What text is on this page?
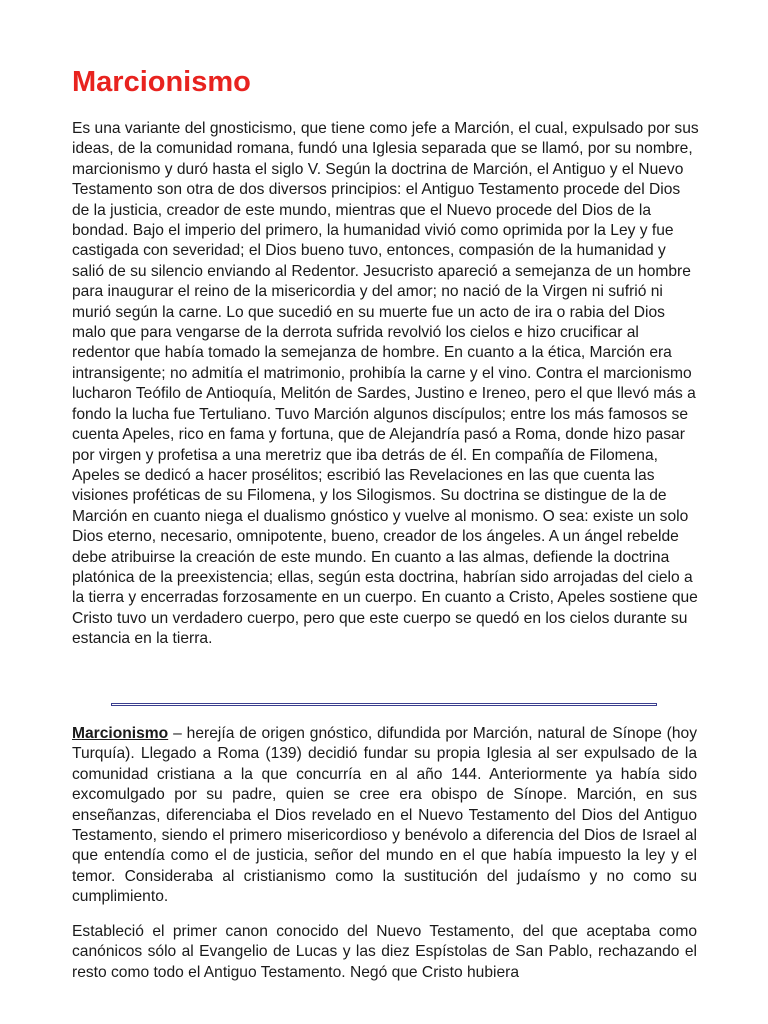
Marcionismo

Es una variante del gnosticismo, que tiene como jefe a Marción, el cual, expulsado por sus ideas, de la comunidad romana, fundó una Iglesia separada que se llamó, por su nombre, marcionismo y duró hasta el siglo V. Según la doctrina de Marción, el Antiguo y el Nuevo Testamento son otra de dos diversos principios: el Antiguo Testamento procede del Dios de la justicia, creador de este mundo, mientras que el Nuevo procede del Dios de la bondad. Bajo el imperio del primero, la humanidad vivió como oprimida por la Ley y fue castigada con severidad; el Dios bueno tuvo, entonces, compasión de la humanidad y salió de su silencio enviando al Redentor. Jesucristo apareció a semejanza de un hombre para inaugurar el reino de la misericordia y del amor; no nació de la Virgen ni sufrió ni murió según la carne. Lo que sucedió en su muerte fue un acto de ira o rabia del Dios malo que para vengarse de la derrota sufrida revolvió los cielos e hizo crucificar al redentor que había tomado la semejanza de hombre. En cuanto a la ética, Marción era intransigente; no admitía el matrimonio, prohibía la carne y el vino. Contra el marcionismo lucharon Teófilo de Antioquía, Melitón de Sardes, Justino e Ireneo, pero el que llevó más a fondo la lucha fue Tertuliano. Tuvo Marción algunos discípulos; entre los más famosos se cuenta Apeles, rico en fama y fortuna, que de Alejandría pasó a Roma, donde hizo pasar por virgen y profetisa a una meretriz que iba detrás de él. En compañía de Filomena, Apeles se dedicó a hacer prosélitos; escribió las Revelaciones en las que cuenta las visiones proféticas de su Filomena, y los Silogismos. Su doctrina se distingue de la de Marción en cuanto niega el dualismo gnóstico y vuelve al monismo. O sea: existe un solo Dios eterno, necesario, omnipotente, bueno, creador de los ángeles. A un ángel rebelde debe atribuirse la creación de este mundo. En cuanto a las almas, defiende la doctrina platónica de la preexistencia; ellas, según esta doctrina, habrían sido arrojadas del cielo a la tierra y encerradas forzosamente en un cuerpo. En cuanto a Cristo, Apeles sostiene que Cristo tuvo un verdadero cuerpo, pero que este cuerpo se quedó en los cielos durante su estancia en la tierra.

Marcionismo – herejía de origen gnóstico, difundida por Marción, natural de Sínope (hoy Turquía). Llegado a Roma (139) decidió fundar su propia Iglesia al ser expulsado de la comunidad cristiana a la que concurría en al año 144. Anteriormente ya había sido excomulgado por su padre, quien se cree era obispo de Sínope. Marción, en sus enseñanzas, diferenciaba el Dios revelado en el Nuevo Testamento del Dios del Antiguo Testamento, siendo el primero misericordioso y benévolo a diferencia del Dios de Israel al que entendía como el de justicia, señor del mundo en el que había impuesto la ley y el temor. Consideraba al cristianismo como la sustitución del judaísmo y no como su cumplimiento.

Estableció el primer canon conocido del Nuevo Testamento, del que aceptaba como canónicos sólo al Evangelio de Lucas y las diez Espístolas de San Pablo, rechazando el resto como todo el Antiguo Testamento. Negó que Cristo hubiera
